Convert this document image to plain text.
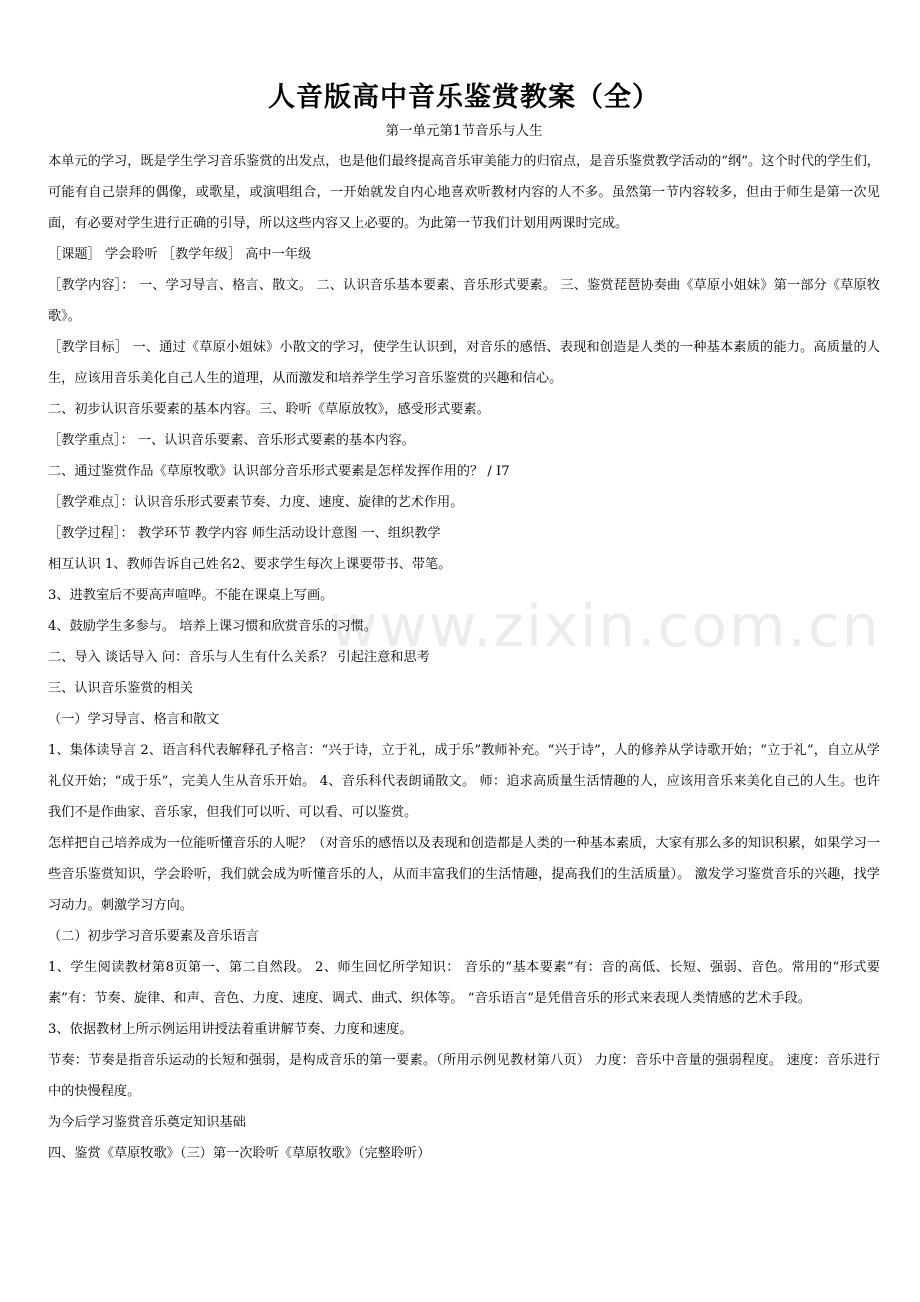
www.zixin.com.cn
人音版高中音乐鉴赏教案（全）

第一单元第1节音乐与人生

本单元的学习，既是学生学习音乐鉴赏的出发点，也是他们最终提高音乐审美能力的归宿点，是音乐鉴赏教学活动的“纲”。这个时代的学生们，可能有自己崇拜的偶像，或歌星，或演唱组合，一开始就发自内心地喜欢听教材内容的人不多。虽然第一节内容较多，但由于师生是第一次见面，有必要对学生进行正确的引导，所以这些内容又上必要的。为此第一节我们计划用两课时完成。

［课题］ 学会聆听 ［教学年级］ 高中一年级

［教学内容］： 一、学习导言、格言、散文。 二、认识音乐基本要素、音乐形式要素。 三、鉴赏琵琶协奏曲《草原小姐妹》第一部分《草原牧歌》。

［教学目标］ 一、通过《草原小姐妹》小散文的学习，使学生认识到，对音乐的感悟、表现和创造是人类的一种基本素质的能力。高质量的人生，应该用音乐美化自己人生的道理，从而激发和培养学生学习音乐鉴赏的兴趣和信心。

二、初步认识音乐要素的基本内容。三、聆听《草原放牧》，感受形式要素。

［教学重点］： 一、认识音乐要素、音乐形式要素的基本内容。

二、通过鉴赏作品《草原牧歌》认识部分音乐形式要素是怎样发挥作用的？ / I7

［教学难点］：认识音乐形式要素节奏、力度、速度、旋律的艺术作用。

［教学过程］： 教学环节 教学内容 师生活动设计意图 一、组织教学

相互认识 1、教师告诉自己姓名2、要求学生每次上课要带书、带笔。

3、进教室后不要高声喧哗。不能在课桌上写画。

4、鼓励学生多参与。 培养上课习惯和欣赏音乐的习惯。

二、导入 谈话导入 问：音乐与人生有什么关系？ 引起注意和思考

三、认识音乐鉴赏的相关

（一）学习导言、格言和散文

1、集体读导言 2、语言科代表解释孔子格言：“兴于诗，立于礼，成于乐”教师补充。“兴于诗”，人的修养从学诗歌开始；“立于礼”，自立从学礼仪开始；“成于乐”，完美人生从音乐开始。 4、音乐科代表朗诵散文。 师：追求高质量生活情趣的人，应该用音乐来美化自己的人生。也许我们不是作曲家、音乐家，但我们可以听、可以看、可以鉴赏。

怎样把自己培养成为一位能听懂音乐的人呢？（对音乐的感悟以及表现和创造都是人类的一种基本素质，大家有那么多的知识积累，如果学习一些音乐鉴赏知识，学会聆听，我们就会成为听懂音乐的人，从而丰富我们的生活情趣，提高我们的生活质量）。 激发学习鉴赏音乐的兴趣，找学习动力。刺激学习方向。

（二）初步学习音乐要素及音乐语言

1、学生阅读教材第8页第一、第二自然段。 2、师生回忆所学知识： 音乐的“基本要素”有：音的高低、长短、强弱、音色。常用的“形式要素”有：节奏、旋律、和声、音色、力度、速度、调式、曲式、织体等。 “音乐语言”是凭借音乐的形式来表现人类情感的艺术手段。

3、依据教材上所示例运用讲授法着重讲解节奏、力度和速度。

节奏：节奏是指音乐运动的长短和强弱，是构成音乐的第一要素。（所用示例见教材第八页） 力度：音乐中音量的强弱程度。 速度：音乐进行中的快慢程度。

为今后学习鉴赏音乐奠定知识基础

四、鉴赏《草原牧歌》（三）第一次聆听《草原牧歌》（完整聆听）
